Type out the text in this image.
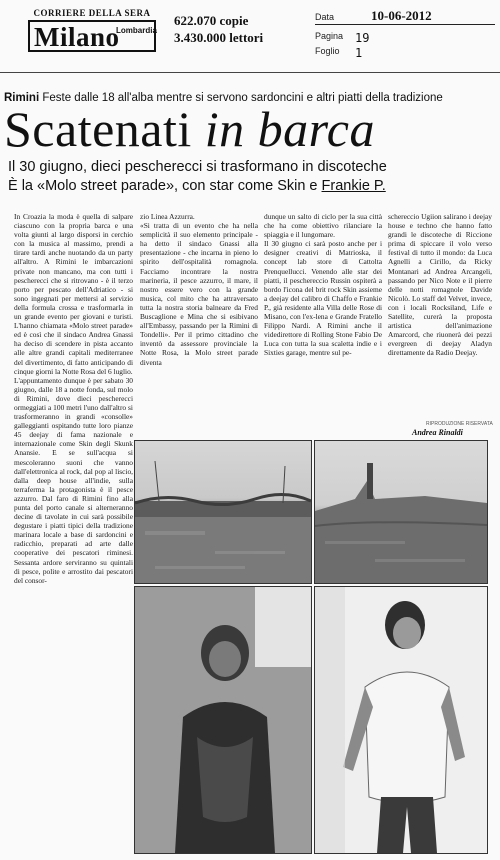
CORRIERE DELLA SERA
Milano
Lombardia
622.070 copie
3.430.000 lettori
Data	10-06-2012
Pagina 19
Foglio 1
Rimini Feste dalle 18 all'alba mentre si servono sardoncini e altri piatti della tradizione
Scatenati in barca
Il 30 giugno, dieci pescherecci si trasformano in discoteche
È la «Molo street parade», con star come Skin e Frankie P.
In Croazia la moda è quella di salpare ciascuno con la propria barca e una volta giunti al largo disporsi in cerchio con la musica al massimo, prendi a tirare tardi anche nuotando da un party all'altro. A Rimini le imbarcazioni private non mancano, ma con tutti i pescherecci che si ritrovano - è il terzo porto per pescato dell'Adriatico - si sono ingegnati per mettersi al servizio della formula crossa e trasformarla in un grande evento per giovani e turisti. L'hanno chiamata «Molo street parade» ed è così che il sindaco Andrea Gnassi ha deciso di scendere in pista accanto alle altre grandi capitali mediterranee del divertimento, di fatto anticipando di cinque giorni la Notte Rosa del 6 luglio.
L'appuntamento dunque è per sabato 30 giugno, dalle 18 a notte fonda, sul molo di Rimini, dove dieci pescherecci ormeggiati a 100 metri l'uno dall'altro si trasformeranno in grandi «consolle» galleggianti ospitando tutte loro pianze 45 deejay di fama nazionale e internazionale come Skin degli Skunk Anansie. E se sull'acqua si mescoleranno suoni che vanno dall'elettronica al rock, dal pop al liscio, dalla deep house all'indie, sulla terraferma la protagonista è il pesce azzurro. Dal faro di Rimini fino alla punta del porto canale si alterneranno decine di tavolate in cui sarà possibile degustare i piatti tipici della tradizione marinara locale a base di sardoncini e radicchio, preparati ad arte dalle cooperative dei pescatori riminesi. Sessanta ardore serviranno su quintali di pesce, polite e arrostito dai pescatori del consor-
zio Linea Azzurra.
«Si tratta di un evento che ha nella semplicità il suo elemento principale - ha detto il sindaco Gnassi alla presentazione - che incarna in pieno lo spirito dell'ospitalità romagnola. Facciamo incontrare la nostra marineria, il pesce azzurro, il mare, il nostro essere vero con la grande musica, col mito che ha attraversato tutta la nostra storia balneare da Fred Buscaglione e Mina che si esibivano all'Embassy, passando per la Rimini di Tondelli». Per il primo cittadino che inventò da assessore provinciale la Notte Rosa, la Molo street parade diventa
dunque un salto di ciclo per la sua città che ha come obiettivo rilanciare la spiaggia e il lungomare.
Il 30 giugno ci sarà posto anche per i designer creativi di Matrioska, il concept lab store di Cattolta Prenquellucci. Venendo alle star dei piatti, il peschereccio Russin ospiterà a bordo l'icona del brit rock Skin assieme a deejay del calibro di Chaffo e Frankie P., già residente alla Villa delle Rose di Misano, con l'ex-lena e Grande Fratello Filippo Nardi. A Rimini anche il videdirettore di Rolling Stone Fabio De Luca con tutta la sua scaletta indie e i Sixties garage, mentre sul pe-
schereccio Ugiion salirano i deejay house e techno che hanno fatto grandi le discoteche di Riccione prima di spiccare il volo verso festival di tutto il mondo: da Luca Agnelli a Cirillo, da Ricky Montanari ad Andrea Arcangeli, passando per Nico Note e il pierre delle notti romagnole Davide Nicolò. Lo staff del Velvet, invece, con i locali Rocksiland, Life e Satellite, curerà la proposta artistica dell'animazione Amarcord, che riuonerà dei pezzi evergreen di deejay Aladyn direttamente da Radio Deejay.
RIPRODUZIONE RISERVATA
Andrea Rinaldi
